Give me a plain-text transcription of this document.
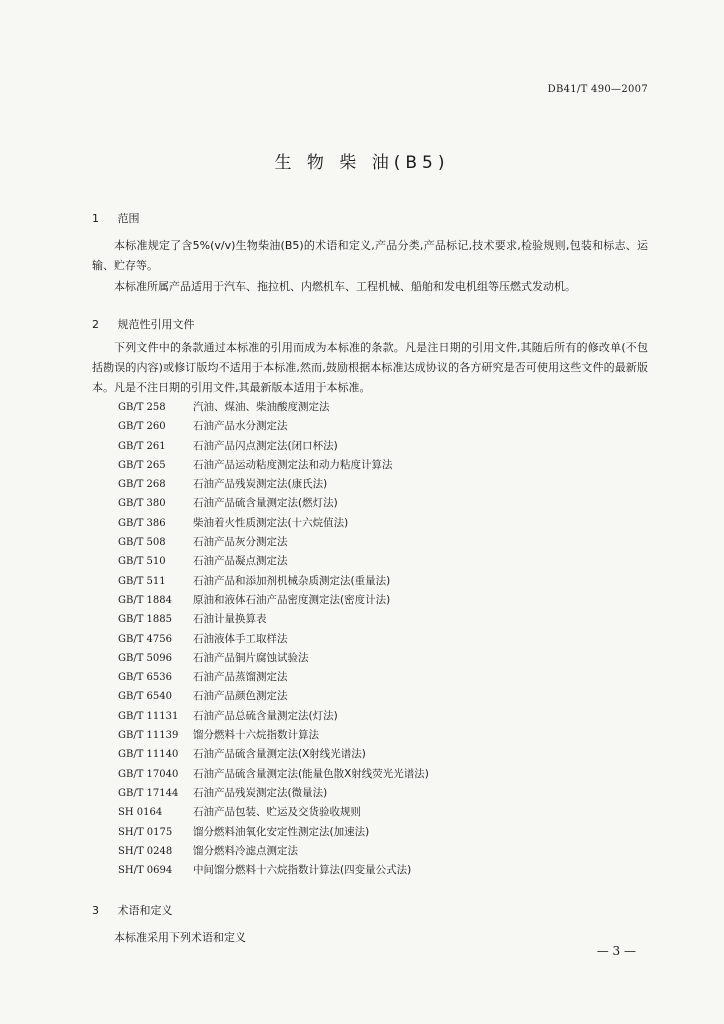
DB41/T 490—2007
生 物 柴 油(B5)
1 范围
本标准规定了含5%(v/v)生物柴油(B5)的术语和定义,产品分类,产品标记,技术要求,检验规则,包装和标志、运输、贮存等。
本标准所属产品适用于汽车、拖拉机、内燃机车、工程机械、船舶和发电机组等压燃式发动机。
2 规范性引用文件
下列文件中的条款通过本标准的引用而成为本标准的条款。凡是注日期的引用文件,其随后所有的修改单(不包括勘误的内容)或修订版均不适用于本标准,然而,鼓励根据本标准达成协议的各方研究是否可使用这些文件的最新版本。凡是不注日期的引用文件,其最新版本适用于本标准。
GB/T 258	汽油、煤油、柴油酸度测定法
GB/T 260	石油产品水分测定法
GB/T 261	石油产品闪点测定法(闭口杯法)
GB/T 265	石油产品运动粘度测定法和动力粘度计算法
GB/T 268	石油产品残炭测定法(康氏法)
GB/T 380	石油产品硫含量测定法(燃灯法)
GB/T 386	柴油着火性质测定法(十六烷值法)
GB/T 508	石油产品灰分测定法
GB/T 510	石油产品凝点测定法
GB/T 511	石油产品和添加剂机械杂质测定法(重量法)
GB/T 1884 原油和液体石油产品密度测定法(密度计法)
GB/T 1885 石油计量换算表
GB/T 4756 石油液体手工取样法
GB/T 5096 石油产品铜片腐蚀试验法
GB/T 6536 石油产品蒸馏测定法
GB/T 6540 石油产品颜色测定法
GB/T 11131 石油产品总硫含量测定法(灯法)
GB/T 11139 馏分燃料十六烷指数计算法
GB/T 11140 石油产品硫含量测定法(X射线光谱法)
GB/T 17040 石油产品硫含量测定法(能量色散X射线荧光光谱法)
GB/T 17144 石油产品残炭测定法(微量法)
SH 0164	石油产品包装、贮运及交货验收规则
SH/T 0175 馏分燃料油氧化安定性测定法(加速法)
SH/T 0248 馏分燃料冷滤点测定法
SH/T 0694 中间馏分燃料十六烷指数计算法(四变量公式法)
3 术语和定义
本标准采用下列术语和定义
— 3 —
